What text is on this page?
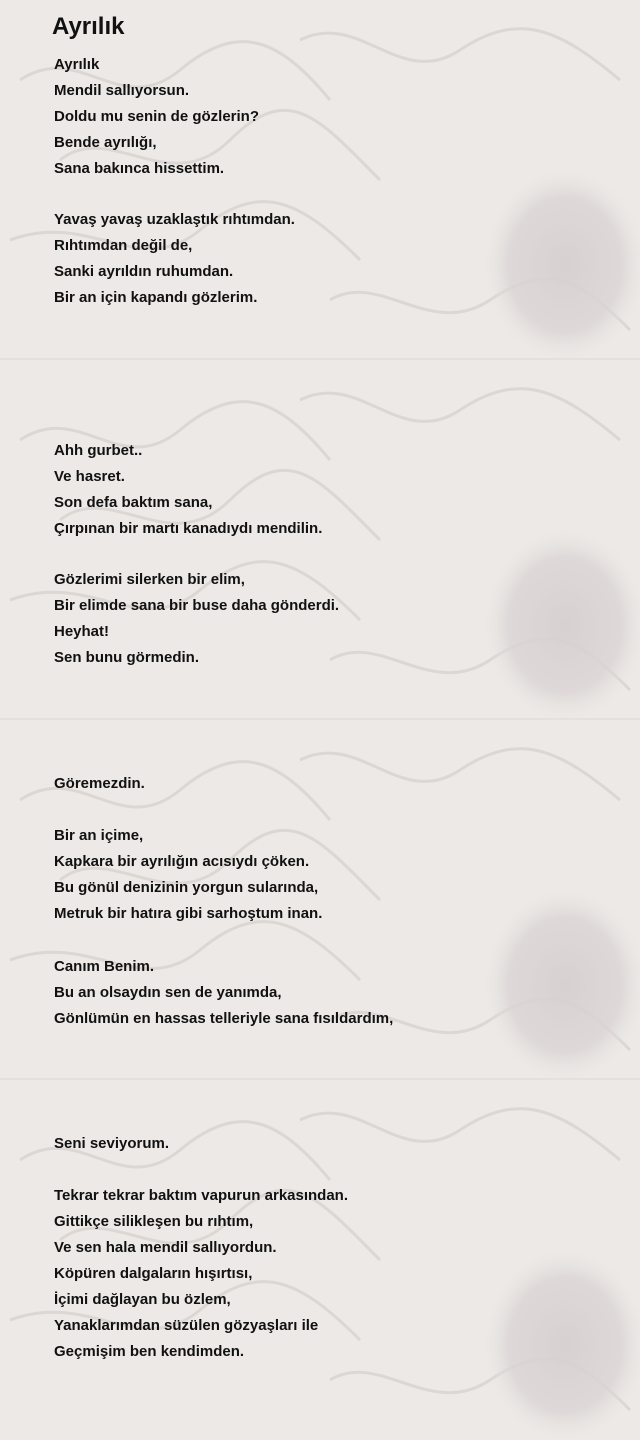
Ayrılık
Ayrılık
Mendil sallıyorsun.
Doldu mu senin de gözlerin?
Bende ayrılığı,
Sana bakınca hissettim.
Yavaş yavaş uzaklaştık rıhtımdan.
Rıhtımdan değil de,
Sanki ayrıldın ruhumdan.
Bir an için kapandı gözlerim.
Ahh gurbet..
Ve hasret.
Son defa baktım sana,
Çırpınan bir martı kanadıydı mendilin.
Gözlerimi silerken bir elim,
Bir elimde sana bir buse daha gönderdi.
Heyhat!
Sen bunu görmedin.
Göremezdin.
Bir an içime,
Kapkara bir ayrılığın acısıydı çöken.
Bu gönül denizinin yorgun sularında,
Metruk bir hatıra gibi sarhoştum inan.
Canım Benim.
Bu an olsaydın sen de yanımda,
Gönlümün en hassas telleriyle sana fısıldardım,
Seni seviyorum.
Tekrar tekrar baktım vapurun arkasından.
Gittikçe silikleşen bu rıhtım,
Ve sen hala mendil sallıyordun.
Köpüren dalgaların hışırtısı,
İçimi dağlayan bu özlem,
Yanaklarımdan süzülen gözyaşları ile
Geçmişim ben kendimden.
